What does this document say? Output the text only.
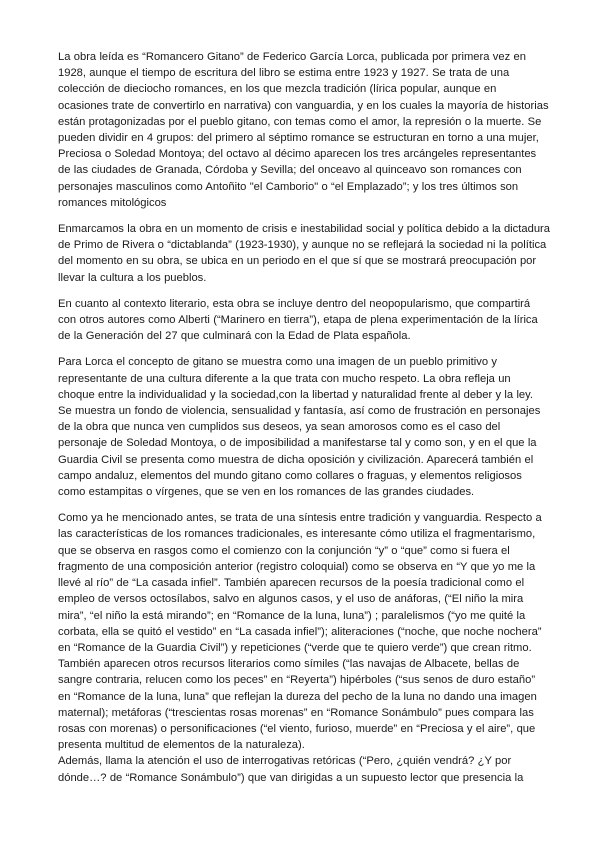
La obra leída es “Romancero Gitano” de Federico García Lorca, publicada por primera vez en 1928, aunque el tiempo de escritura del libro se estima entre 1923 y 1927. Se trata de una colección de dieciocho romances, en los que mezcla tradición (lírica popular, aunque en ocasiones trate de convertirlo en narrativa) con vanguardia, y en los cuales la mayoría de historias están protagonizadas por el pueblo gitano, con temas como el amor, la represión o la muerte. Se pueden dividir en 4 grupos: del primero al séptimo romance se estructuran en torno a una mujer, Preciosa o Soledad Montoya; del octavo al décimo aparecen los tres arcángeles representantes de las ciudades de Granada, Córdoba y Sevilla; del onceavo al quinceavo son romances con personajes masculinos como Antoñito "el Camborio" o “el Emplazado”; y los tres últimos son romances mitológicos

Enmarcamos la obra en un momento de crisis e inestabilidad social y política debido a la dictadura de Primo de Rivera o “dictablanda” (1923-1930), y aunque no se reflejará la sociedad ni la política del momento en su obra, se ubica en un periodo en el que sí que se mostrará preocupación por llevar la cultura a los pueblos.

En cuanto al contexto literario, esta obra se incluye dentro del neopopularismo, que compartirá con otros autores como Alberti (“Marinero en tierra”), etapa de plena experimentación de la lírica de la Generación del 27 que culminará con la Edad de Plata española.

Para Lorca el concepto de gitano se muestra como una imagen de un pueblo primitivo y representante de una cultura diferente a la que trata con mucho respeto. La obra refleja un choque entre la individualidad y la sociedad,con la libertad y naturalidad frente al deber y la ley. Se muestra un fondo de violencia, sensualidad y fantasía, así como de frustración en personajes de la obra que nunca ven cumplidos sus deseos, ya sean amorosos como es el caso del personaje de Soledad Montoya, o de imposibilidad a manifestarse tal y como son, y en el que la Guardia Civil se presenta como muestra de dicha oposición y civilización. Aparecerá también el campo andaluz, elementos del mundo gitano como collares o fraguas, y elementos religiosos como estampitas o vírgenes, que se ven en los romances de las grandes ciudades.

Como ya he mencionado antes, se trata de una síntesis entre tradición y vanguardia. Respecto a las características de los romances tradicionales, es interesante cómo utiliza el fragmentarismo, que se observa en rasgos como el comienzo con la conjunción “y” o “que” como si fuera el fragmento de una composición anterior (registro coloquial) como se observa en “Y que yo me la llevé al río” de “La casada infiel”. También aparecen recursos de la poesía tradicional como el empleo de versos octosílabos, salvo en algunos casos, y el uso de anáforas, (“El niño la mira mira”, “el niño la está mirando”; en “Romance de la luna, luna”) ; paralelismos (“yo me quité la corbata, ella se quitó el vestido” en “La casada infiel”); aliteraciones (“noche, que noche nochera” en “Romance de la Guardia Civil”) y repeticiones (“verde que te quiero verde”) que crean ritmo. También aparecen otros recursos literarios como símiles (“las navajas de Albacete, bellas de sangre contraria, relucen como los peces” en “Reyerta”) hipérboles (“sus senos de duro estaño” en “Romance de la luna, luna” que reflejan la dureza del pecho de la luna no dando una imagen maternal); metáforas (“trescientas rosas morenas” en “Romance Sonámbulo” pues compara las rosas con morenas) o personificaciones (“el viento, furioso, muerde” en “Preciosa y el aire”, que presenta multitud de elementos de la naturaleza).

Además, llama la atención el uso de interrogativas retóricas (“Pero, ¿quién vendrá? ¿Y por dónde…? de “Romance Sonámbulo”) que van dirigidas a un supuesto lector que presencia la
